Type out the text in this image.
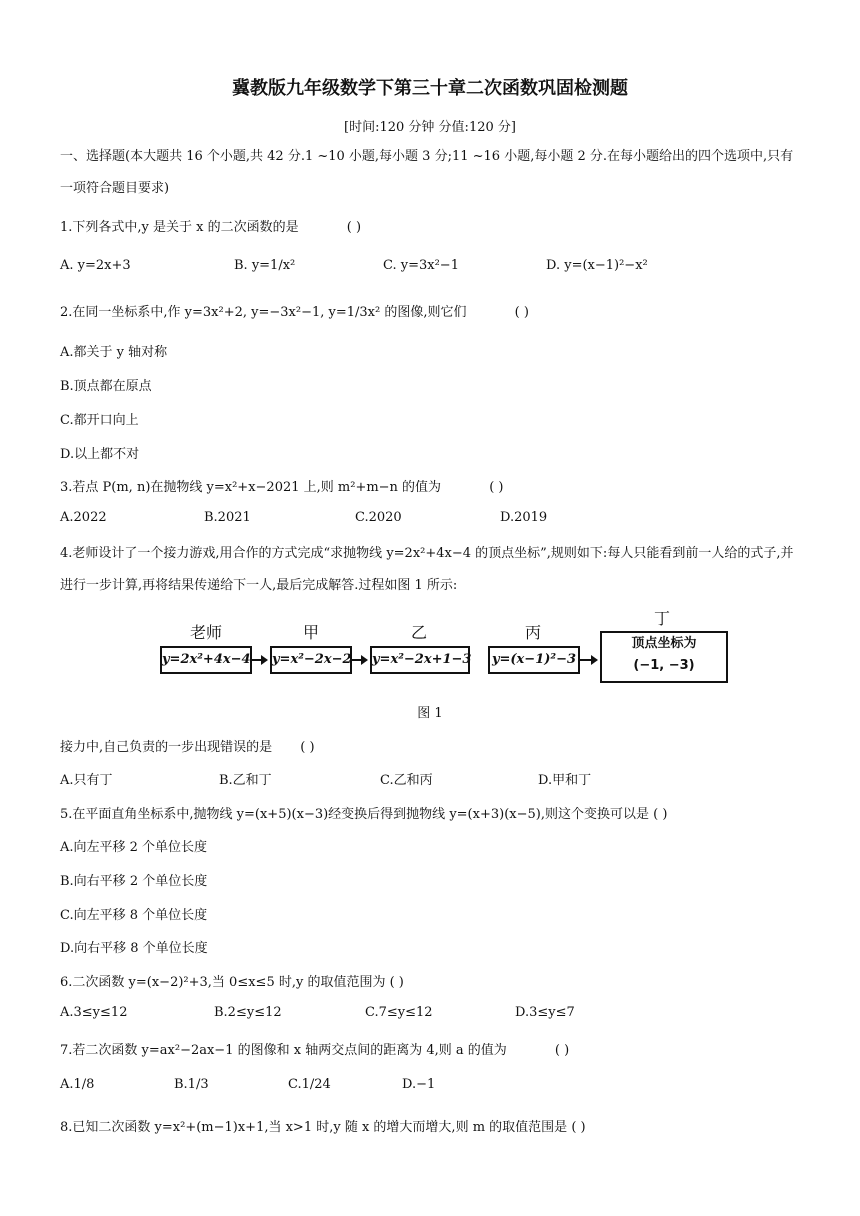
冀教版九年级数学下第三十章二次函数巩固检测题
[时间:120 分钟 分值:120 分]
一、选择题(本大题共 16 个小题,共 42 分.1 ~10 小题,每小题 3 分;11 ~16 小题,每小题 2 分.在每小题给出的四个选项中,只有一项符合题目要求)
1.下列各式中,y 是关于 x 的二次函数的是	( )
A. y=2x+3	B. y=1/x²	C. y=3x²−1	D. y=(x−1)²−x²
2.在同一坐标系中,作 y=3x²+2, y=−3x²−1, y=1/3x² 的图像,则它们	( )
A.都关于 y 轴对称
B.顶点都在原点
C.都开口向上
D.以上都不对
3.若点 P(m, n)在抛物线 y=x²+x−2021 上,则 m²+m−n 的值为	( )
A.2022	B.2021	C.2020	D.2019
4.老师设计了一个接力游戏,用合作的方式完成“求抛物线 y=2x²+4x−4 的顶点坐标”,规则如下:每人只能看到前一人给的式子,并进行一步计算,再将结果传递给下一人,最后完成解答.过程如图 1 所示:
老师	甲	乙	丙
丁
y=2x²+4x−4 y=x²−2x−2 y=x²−2x+1−3	y=(x−1)²−3
顶点坐标为
(−1, −3)
图 1
接力中,自己负责的一步出现错误的是 ( )
A.只有丁	B.乙和丁	C.乙和丙	D.甲和丁
5.在平面直角坐标系中,抛物线 y=(x+5)(x−3)经变换后得到抛物线 y=(x+3)(x−5),则这个变换可以是 ( )
A.向左平移 2 个单位长度
B.向右平移 2 个单位长度
C.向左平移 8 个单位长度
D.向右平移 8 个单位长度
6.二次函数 y=(x−2)²+3,当 0≤x≤5 时,y 的取值范围为 ( )
A.3≤y≤12	B.2≤y≤12	C.7≤y≤12	D.3≤y≤7
7.若二次函数 y=ax²−2ax−1 的图像和 x 轴两交点间的距离为 4,则 a 的值为	( )
A.1/8	B.1/3	C.1/24	D.−1
8.已知二次函数 y=x²+(m−1)x+1,当 x>1 时,y 随 x 的增大而增大,则 m 的取值范围是 ( )
